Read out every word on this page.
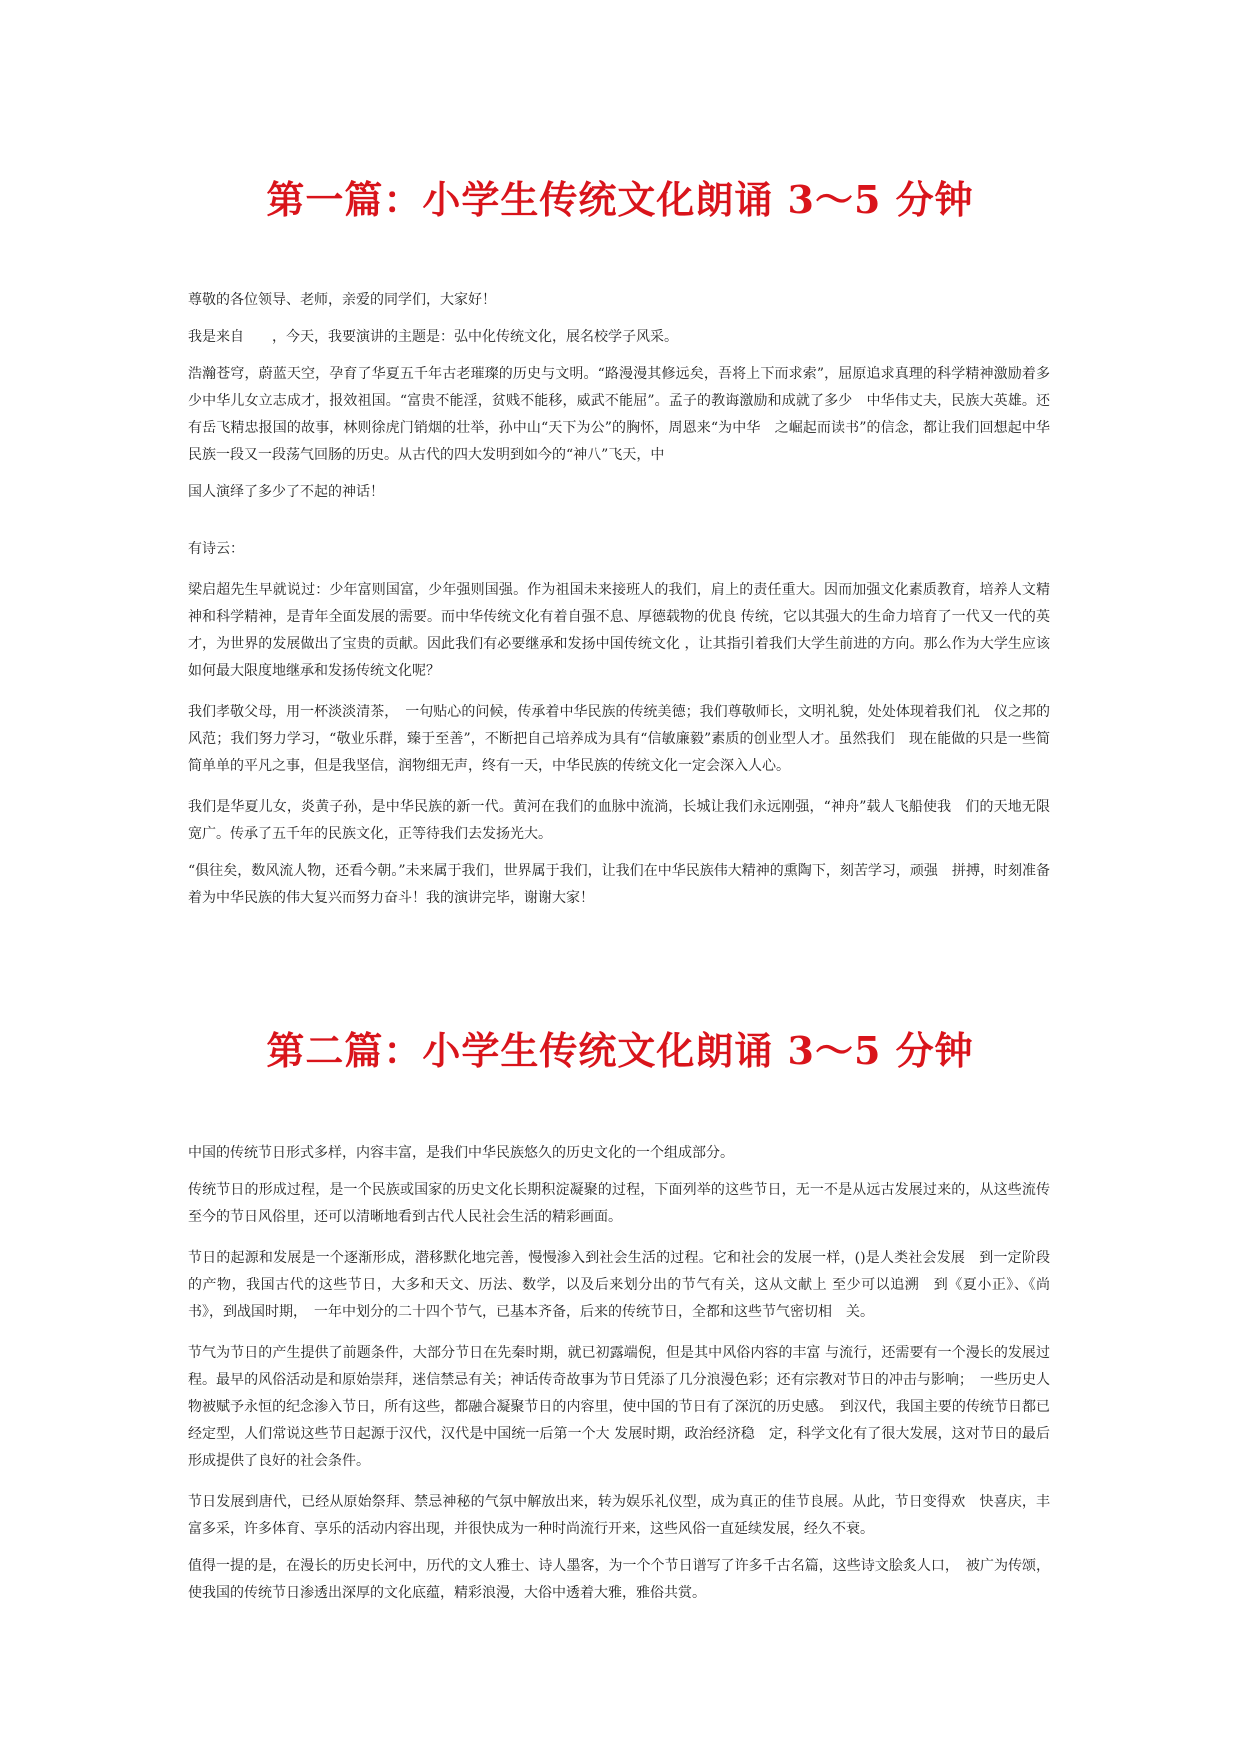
第一篇：小学生传统文化朗诵 3～5 分钟

尊敬的各位领导、老师，亲爱的同学们，大家好！

我是来自　　，今天，我要演讲的主题是：弘中化传统文化，展名校学子风采。

浩瀚苍穹，蔚蓝天空，孕育了华夏五千年古老璀璨的历史与文明。“路漫漫其修远矣，吾将上下而求索”，屈原追求真理的科学精神激励着多少中华儿女立志成才，报效祖国。“富贵不能淫，贫贱不能移，威武不能屈”。孟子的教诲激励和成就了多少　中华伟丈夫，民族大英雄。还有岳飞精忠报国的故事，林则徐虎门销烟的壮举，孙中山“天下为公”的胸怀，周恩来“为中华　之崛起而读书”的信念，都让我们回想起中华民族一段又一段荡气回肠的历史。从古代的四大发明到如今的“神八”飞天，中

国人演绎了多少了不起的神话！

有诗云：

梁启超先生早就说过：少年富则国富，少年强则国强。作为祖国未来接班人的我们，肩上的责任重大。因而加强文化素质教育，培养人文精神和科学精神，是青年全面发展的需要。而中华传统文化有着自强不息、厚德载物的优良 传统，它以其强大的生命力培育了一代又一代的英才，为世界的发展做出了宝贵的贡献。因此我们有必要继承和发扬中国传统文化 ，让其指引着我们大学生前进的方向。那么作为大学生应该如何最大限度地继承和发扬传统文化呢？

我们孝敬父母，用一杯淡淡清茶，　一句贴心的问候，传承着中华民族的传统美德；我们尊敬师长，文明礼貌，处处体现着我们礼　仪之邦的风范；我们努力学习，“敬业乐群，臻于至善”，不断把自己培养成为具有“信敏廉毅”素质的创业型人才。虽然我们　现在能做的只是一些简简单单的平凡之事，但是我坚信，润物细无声，终有一天，中华民族的传统文化一定会深入人心。

我们是华夏儿女，炎黄子孙，是中华民族的新一代。黄河在我们的血脉中流淌，长城让我们永远刚强，“神舟”载人飞船使我　们的天地无限宽广。传承了五千年的民族文化，正等待我们去发扬光大。

“俱往矣，数风流人物，还看今朝。”未来属于我们，世界属于我们，让我们在中华民族伟大精神的熏陶下，刻苦学习，顽强　拼搏，时刻准备着为中华民族的伟大复兴而努力奋斗！我的演讲完毕，谢谢大家！

第二篇：小学生传统文化朗诵 3～5 分钟

中国的传统节日形式多样，内容丰富，是我们中华民族悠久的历史文化的一个组成部分。

传统节日的形成过程，是一个民族或国家的历史文化长期积淀凝聚的过程，下面列举的这些节日，无一不是从远古发展过来的，从这些流传至今的节日风俗里，还可以清晰地看到古代人民社会生活的精彩画面。

节日的起源和发展是一个逐渐形成，潜移默化地完善，慢慢渗入到社会生活的过程。它和社会的发展一样，()是人类社会发展　到一定阶段的产物，我国古代的这些节日，大多和天文、历法、数学，以及后来划分出的节气有关，这从文献上 至少可以追溯　到《夏小正》、《尚书》，到战国时期，　一年中划分的二十四个节气，已基本齐备，后来的传统节日，全都和这些节气密切相　关。

节气为节日的产生提供了前题条件，大部分节日在先秦时期，就已初露端倪，但是其中风俗内容的丰富 与流行，还需要有一个漫长的发展过程。最早的风俗活动是和原始崇拜，迷信禁忌有关；神话传奇故事为节日凭添了几分浪漫色彩；还有宗教对节日的冲击与影响；　一些历史人物被赋予永恒的纪念渗入节日，所有这些，都融合凝聚节日的内容里，使中国的节日有了深沉的历史感。　到汉代，我国主要的传统节日都已经定型，人们常说这些节日起源于汉代，汉代是中国统一后第一个大 发展时期，政治经济稳　定，科学文化有了很大发展，这对节日的最后形成提供了良好的社会条件。

节日发展到唐代，已经从原始祭拜、禁忌神秘的气氛中解放出来，转为娱乐礼仪型，成为真正的佳节良展。从此，节日变得欢　快喜庆，丰富多采，许多体育、享乐的活动内容出现，并很快成为一种时尚流行开来，这些风俗一直延续发展，经久不衰。

值得一提的是，在漫长的历史长河中，历代的文人雅士、诗人墨客，为一个个节日谱写了许多千古名篇，这些诗文脍炙人口，　被广为传颂，使我国的传统节日渗透出深厚的文化底蕴，精彩浪漫，大俗中透着大雅，雅俗共赏。
